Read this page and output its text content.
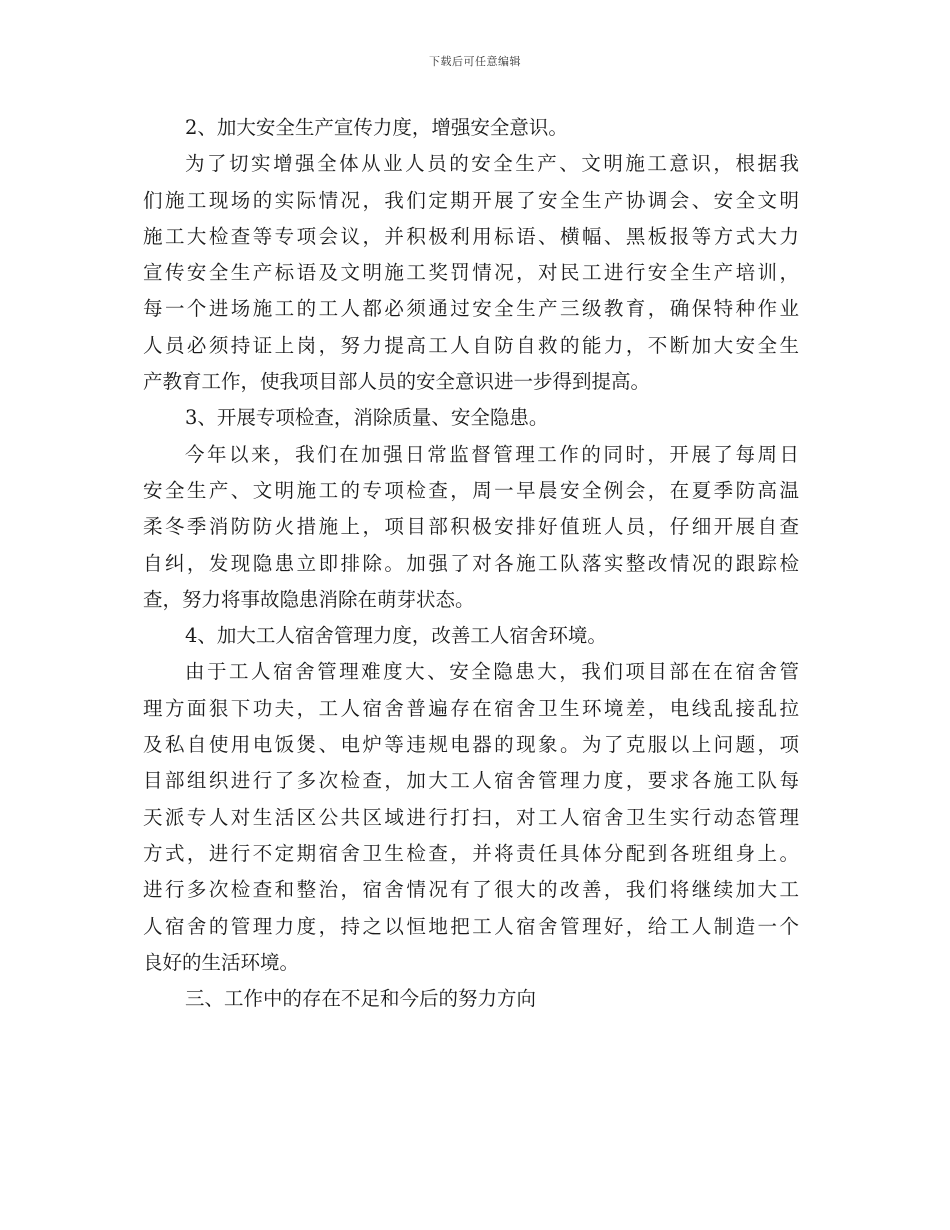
下载后可任意编辑
2、加大安全生产宣传力度，增强安全意识。
为了切实增强全体从业人员的安全生产、文明施工意识，根据我
们施工现场的实际情况，我们定期开展了安全生产协调会、安全文明
施工大检查等专项会议，并积极利用标语、横幅、黑板报等方式大力
宣传安全生产标语及文明施工奖罚情况，对民工进行安全生产培训，
每一个进场施工的工人都必须通过安全生产三级教育，确保特种作业
人员必须持证上岗，努力提高工人自防自救的能力，不断加大安全生
产教育工作，使我项目部人员的安全意识进一步得到提高。
3、开展专项检查，消除质量、安全隐患。
今年以来，我们在加强日常监督管理工作的同时，开展了每周日
安全生产、文明施工的专项检查，周一早晨安全例会，在夏季防高温
柔冬季消防防火措施上，项目部积极安排好值班人员，仔细开展自查
自纠，发现隐患立即排除。加强了对各施工队落实整改情况的跟踪检
查，努力将事故隐患消除在萌芽状态。
4、加大工人宿舍管理力度，改善工人宿舍环境。
由于工人宿舍管理难度大、安全隐患大，我们项目部在在宿舍管
理方面狠下功夫，工人宿舍普遍存在宿舍卫生环境差，电线乱接乱拉
及私自使用电饭煲、电炉等违规电器的现象。为了克服以上问题，项
目部组织进行了多次检查，加大工人宿舍管理力度，要求各施工队每
天派专人对生活区公共区域进行打扫，对工人宿舍卫生实行动态管理
方式，进行不定期宿舍卫生检查，并将责任具体分配到各班组身上。
进行多次检查和整治，宿舍情况有了很大的改善，我们将继续加大工
人宿舍的管理力度，持之以恒地把工人宿舍管理好，给工人制造一个
良好的生活环境。
三、工作中的存在不足和今后的努力方向
